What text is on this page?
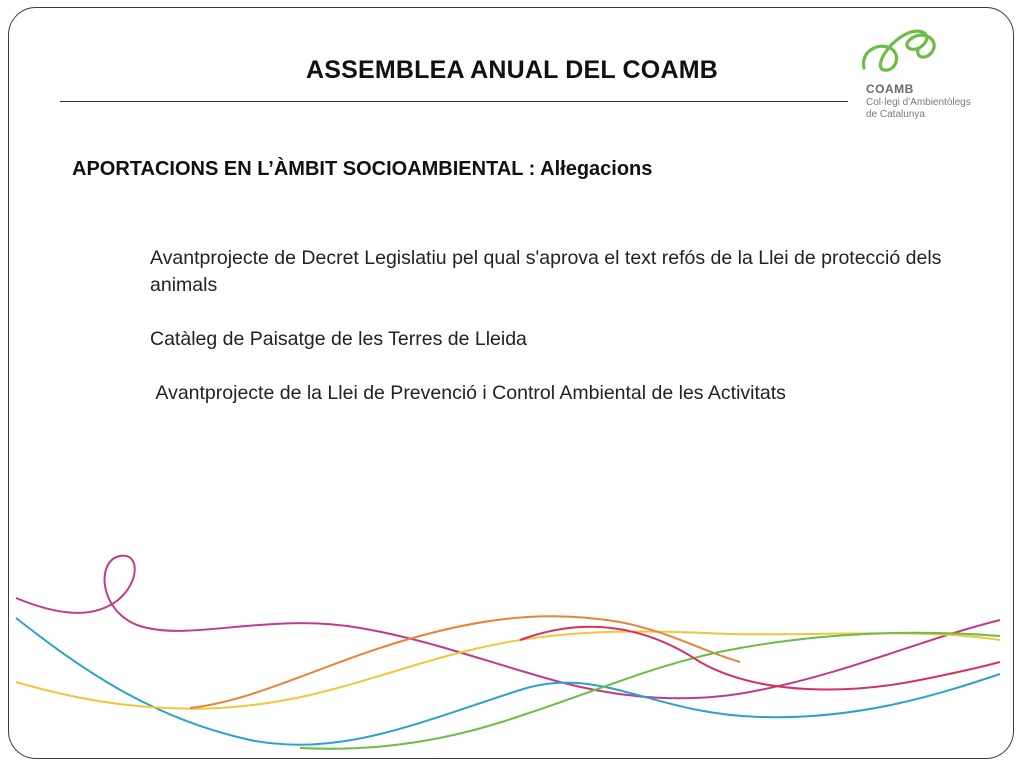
ASSEMBLEA ANUAL DEL COAMB
COAMB
Col·legi d'Ambientòlegs
de Catalunya
APORTACIONS EN L’ÀMBIT SOCIOAMBIENTAL : Alłegacions
Avantprojecte de Decret Legislatiu pel qual s'aprova el text refós de la Llei de protecció dels animals
Catàleg de Paisatge de les Terres de Lleida
Avantprojecte de la Llei de Prevenció i Control Ambiental de les Activitats
